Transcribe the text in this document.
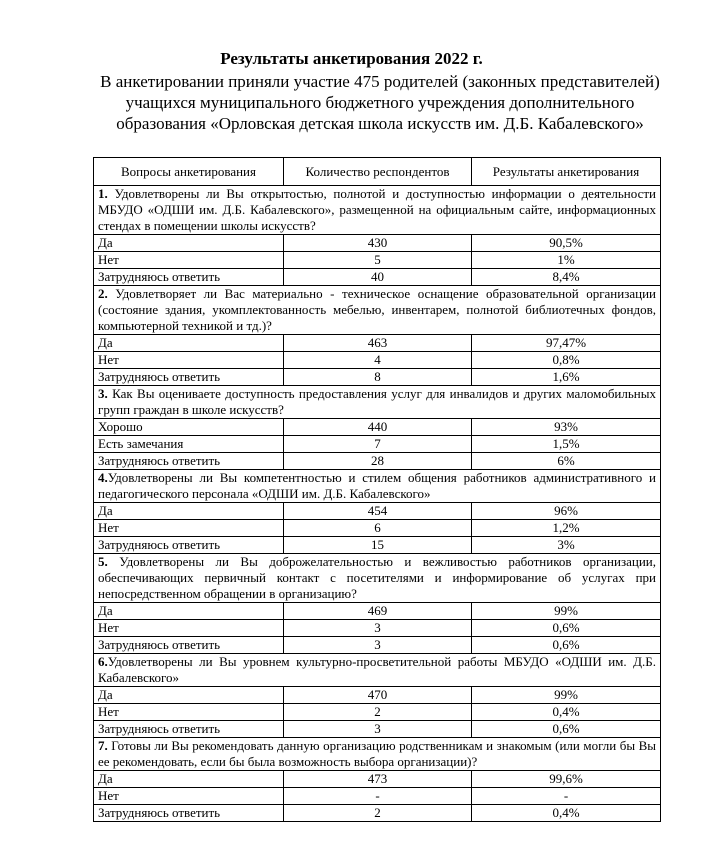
Результаты анкетирования 2022 г.
В анкетировании приняли участие 475 родителей (законных представителей) учащихся муниципального бюджетного учреждения дополнительного образования «Орловская детская школа искусств им. Д.Б. Кабалевского»
Вопросы анкетирования	Количество респондентов	Результаты анкетирования
1. Удовлетворены ли Вы открытостью, полнотой и доступностью информации о деятельности МБУДО «ОДШИ им. Д.Б. Кабалевского», размещенной на официальным сайте, информационных стендах в помещении школы искусств?		
Да	430	90,5%
Нет	5	1%
Затрудняюсь ответить	40	8,4%
2. Удовлетворяет ли Вас материально - техническое оснащение образовательной организации (состояние здания, укомплектованность мебелью, инвентарем, полнотой библиотечных фондов, компьютерной техникой и тд.)?		
Да	463	97,47%
Нет	4	0,8%
Затрудняюсь ответить	8	1,6%
3. Как Вы оцениваете доступность предоставления услуг для инвалидов и других маломобильных групп граждан в школе искусств?		
Хорошо	440	93%
Есть замечания	7	1,5%
Затрудняюсь ответить	28	6%
4.Удовлетворены ли Вы компетентностью и стилем общения работников административного и педагогического персонала «ОДШИ им. Д.Б. Кабалевского»		
Да	454	96%
Нет	6	1,2%
Затрудняюсь ответить	15	3%
5. Удовлетворены ли Вы доброжелательностью и вежливостью работников организации, обеспечивающих первичный контакт с посетителями и информирование об услугах при непосредственном обращении в организацию?		
Да	469	99%
Нет	3	0,6%
Затрудняюсь ответить	3	0,6%
6.Удовлетворены ли Вы уровнем культурно-просветительной работы МБУДО «ОДШИ им. Д.Б. Кабалевского»		
Да	470	99%
Нет	2	0,4%
Затрудняюсь ответить	3	0,6%
7. Готовы ли Вы рекомендовать данную организацию родственникам и знакомым (или могли бы Вы ее рекомендовать, если бы была возможность выбора организации)?		
Да	473	99,6%
Нет	-	-
Затрудняюсь ответить	2	0,4%
